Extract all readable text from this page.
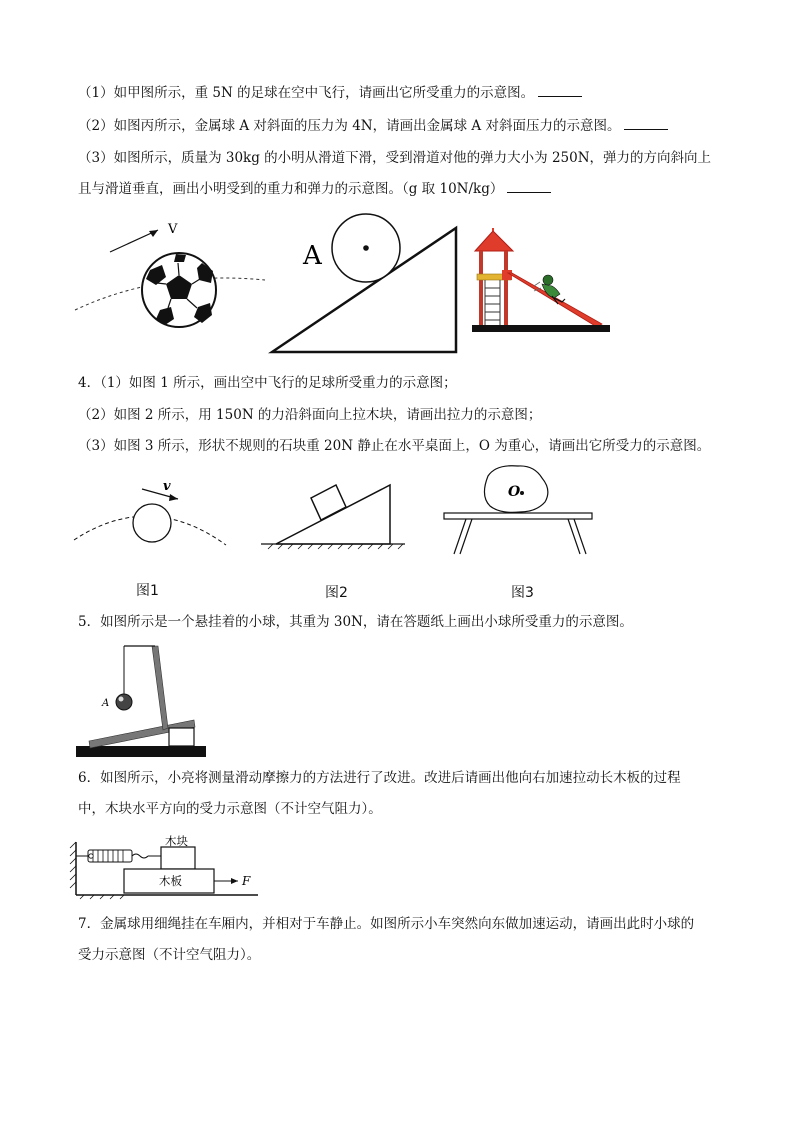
（1）如甲图所示，重 5N 的足球在空中飞行，请画出它所受重力的示意图。
（2）如图丙所示，金属球 A 对斜面的压力为 4N，请画出金属球 A 对斜面压力的示意图。
（3）如图所示，质量为 30kg 的小明从滑道下滑，受到滑道对他的弹力大小为 250N，弹力的方向斜向上
且与滑道垂直，画出小明受到的重力和弹力的示意图。（g 取 10N/kg）
V
A
4．（1）如图 1 所示，画出空中飞行的足球所受重力的示意图；
（2）如图 2 所示，用 150N 的力沿斜面向上拉木块，请画出拉力的示意图；
（3）如图 3 所示，形状不规则的石块重 20N 静止在水平桌面上，O 为重心，请画出它所受力的示意图。
v	O
图1	图2	图3
5．如图所示是一个悬挂着的小球，其重为 30N，请在答题纸上画出小球所受重力的示意图。
A
6．如图所示，小亮将测量滑动摩擦力的方法进行了改进。改进后请画出他向右加速拉动长木板的过程
中，木块水平方向的受力示意图（不计空气阻力）。
木块
木板	F
7．金属球用细绳挂在车厢内，并相对于车静止。如图所示小车突然向东做加速运动，请画出此时小球的
受力示意图（不计空气阻力）。
